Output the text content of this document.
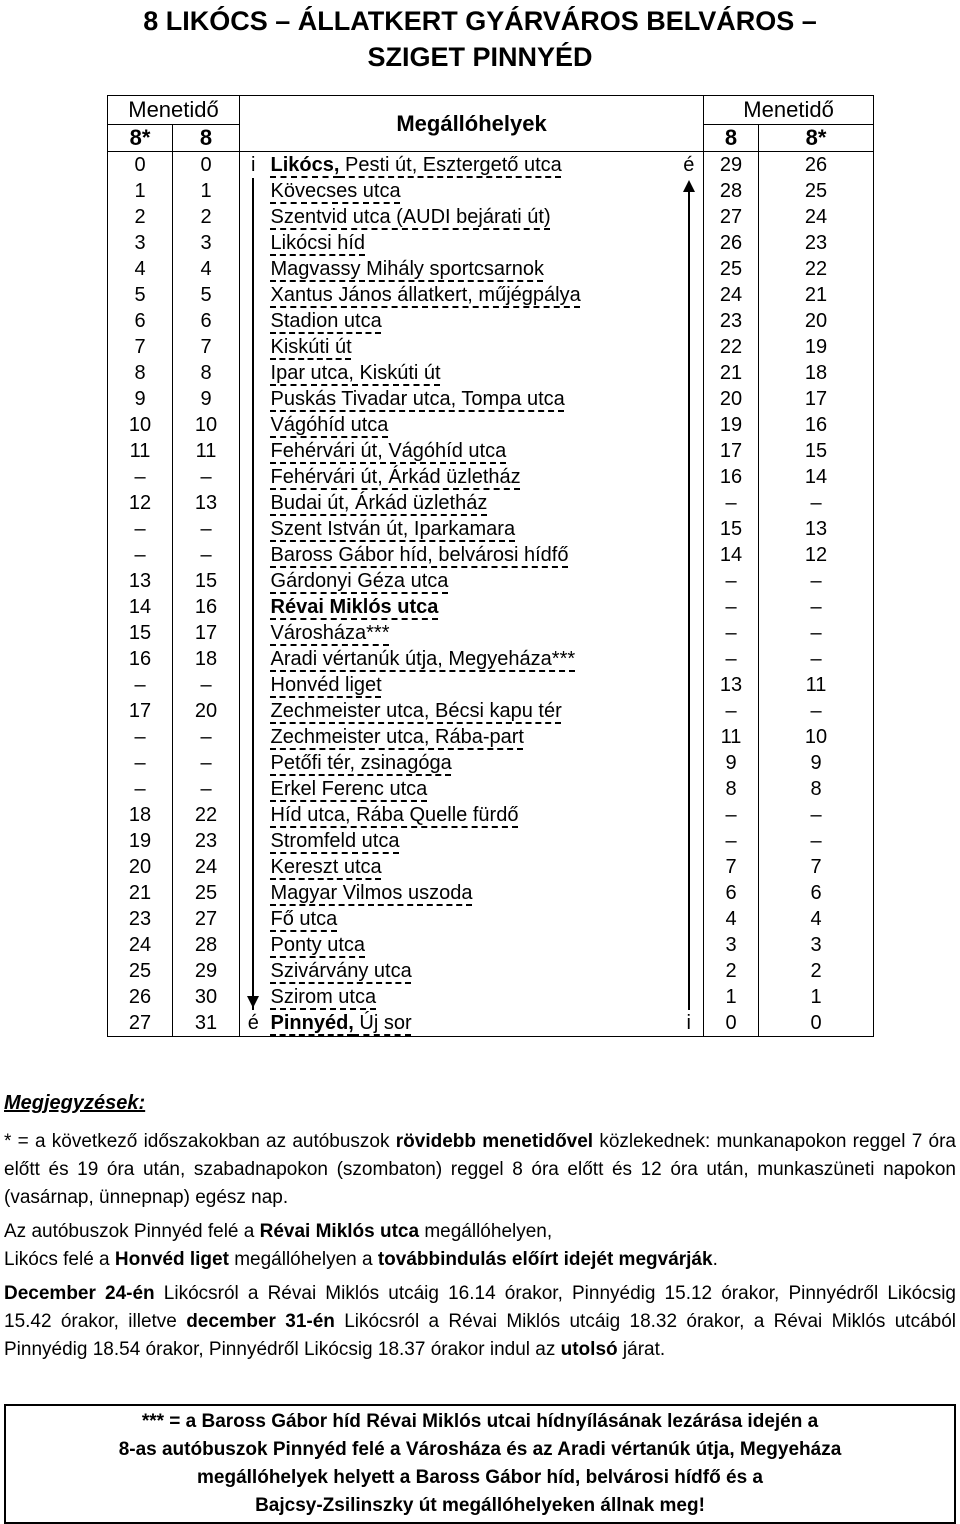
8 LIKÓCS – ÁLLATKERT GYÁRVÁROS BELVÁROS –
SZIGET PINNYÉD
Menetidő		Megállóhelyek			Menetidő	
8*	8				8	8*
0	0	i	Likócs, Pesti út, Esztergető utca	é	29	26
1	1		Kövecses utca		28	25
2	2		Szentvid utca (AUDI bejárati út)		27	24
3	3		Likócsi híd		26	23
4	4		Magvassy Mihály sportcsarnok		25	22
5	5		Xantus János állatkert, műjégpálya		24	21
6	6		Stadion utca		23	20
7	7		Kiskúti út		22	19
8	8		Ipar utca, Kiskúti út		21	18
9	9		Puskás Tivadar utca, Tompa utca		20	17
10	10		Vágóhíd utca		19	16
11	11		Fehérvári út, Vágóhíd utca		17	15
–	–		Fehérvári út, Árkád üzletház		16	14
12	13		Budai út, Árkád üzletház		–	–
–	–		Szent István út, Iparkamara		15	13
–	–		Baross Gábor híd, belvárosi hídfő		14	12
13	15		Gárdonyi Géza utca		–	–
14	16		Révai Miklós utca		–	–
15	17		Városháza***		–	–
16	18		Aradi vértanúk útja, Megyeháza***		–	–
–	–		Honvéd liget		13	11
17	20		Zechmeister utca, Bécsi kapu tér		–	–
–	–		Zechmeister utca, Rába-part		11	10
–	–		Petőfi tér, zsinagóga		9	9
–	–		Erkel Ferenc utca		8	8
18	22		Híd utca, Rába Quelle fürdő		–	–
19	23		Stromfeld utca		–	–
20	24		Kereszt utca		7	7
21	25		Magyar Vilmos uszoda		6	6
23	27		Fő utca		4	4
24	28		Ponty utca		3	3
25	29		Szivárvány utca		2	2
26	30		Szirom utca		1	1
27	31	é	Pinnyéd, Új sor	i	0	0
Megjegyzések:

* = a következő időszakokban az autóbuszok rövidebb menetidővel közlekednek: munkanapokon reggel 7 óra előtt és 19 óra után, szabadnapokon (szombaton) reggel 8 óra előtt és 12 óra után, munkaszüneti napokon (vasárnap, ünnepnap) egész nap.

Az autóbuszok Pinnyéd felé a Révai Miklós utca megállóhelyen,
Likócs felé a Honvéd liget megállóhelyen a továbbindulás előírt idejét megvárják.

December 24-én Likócsról a Révai Miklós utcáig 16.14 órakor, Pinnyédig 15.12 órakor, Pinnyédről Likócsig 15.42 órakor, illetve december 31-én Likócsról a Révai Miklós utcáig 18.32 órakor, a Révai Miklós utcából Pinnyédig 18.54 órakor, Pinnyédről Likócsig 18.37 órakor indul az utolsó járat.

*** = a Baross Gábor híd Révai Miklós utcai hídnyílásának lezárása idején a
8-as autóbuszok Pinnyéd felé a Városháza és az Aradi vértanúk útja, Megyeháza
megállóhelyek helyett a Baross Gábor híd, belvárosi hídfő és a
Bajcsy-Zsilinszky út megállóhelyeken állnak meg!
